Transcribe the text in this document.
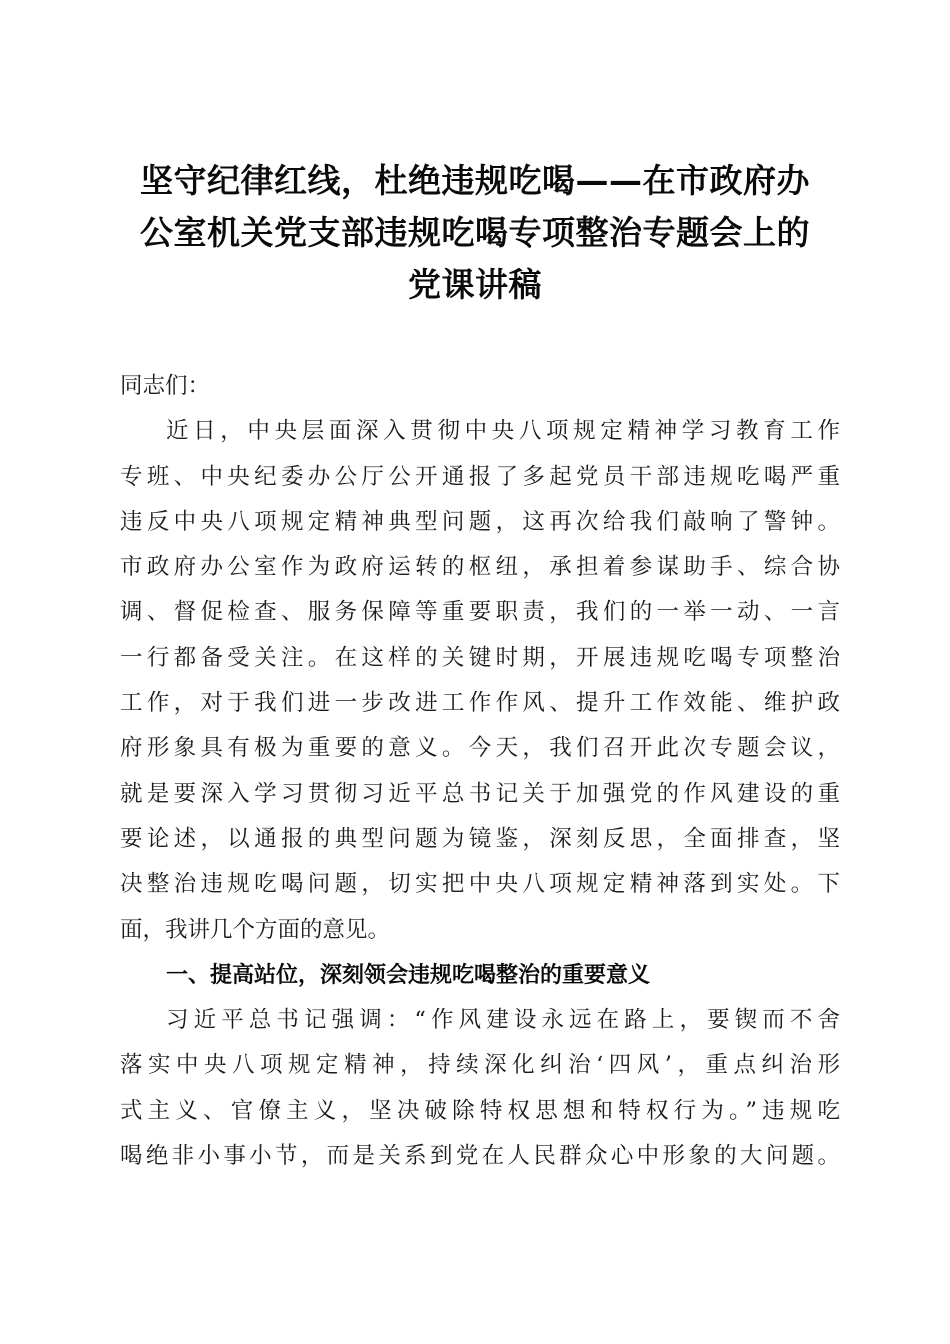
坚守纪律红线，杜绝违规吃喝——在市政府办
公室机关党支部违规吃喝专项整治专题会上的
党课讲稿
同志们：
近日，中央层面深入贯彻中央八项规定精神学习教育工作
专班、中央纪委办公厅公开通报了多起党员干部违规吃喝严重
违反中央八项规定精神典型问题，这再次给我们敲响了警钟。
市政府办公室作为政府运转的枢纽，承担着参谋助手、综合协
调、督促检查、服务保障等重要职责，我们的一举一动、一言
一行都备受关注。在这样的关键时期，开展违规吃喝专项整治
工作，对于我们进一步改进工作作风、提升工作效能、维护政
府形象具有极为重要的意义。今天，我们召开此次专题会议，
就是要深入学习贯彻习近平总书记关于加强党的作风建设的重
要论述，以通报的典型问题为镜鉴，深刻反思，全面排查，坚
决整治违规吃喝问题，切实把中央八项规定精神落到实处。下
面，我讲几个方面的意见。
一、提高站位，深刻领会违规吃喝整治的重要意义
习近平总书记强调：“作风建设永远在路上，要锲而不舍
落实中央八项规定精神，持续深化纠治‘四风’，重点纠治形
式主义、官僚主义，坚决破除特权思想和特权行为。”违规吃
喝绝非小事小节，而是关系到党在人民群众心中形象的大问题。
